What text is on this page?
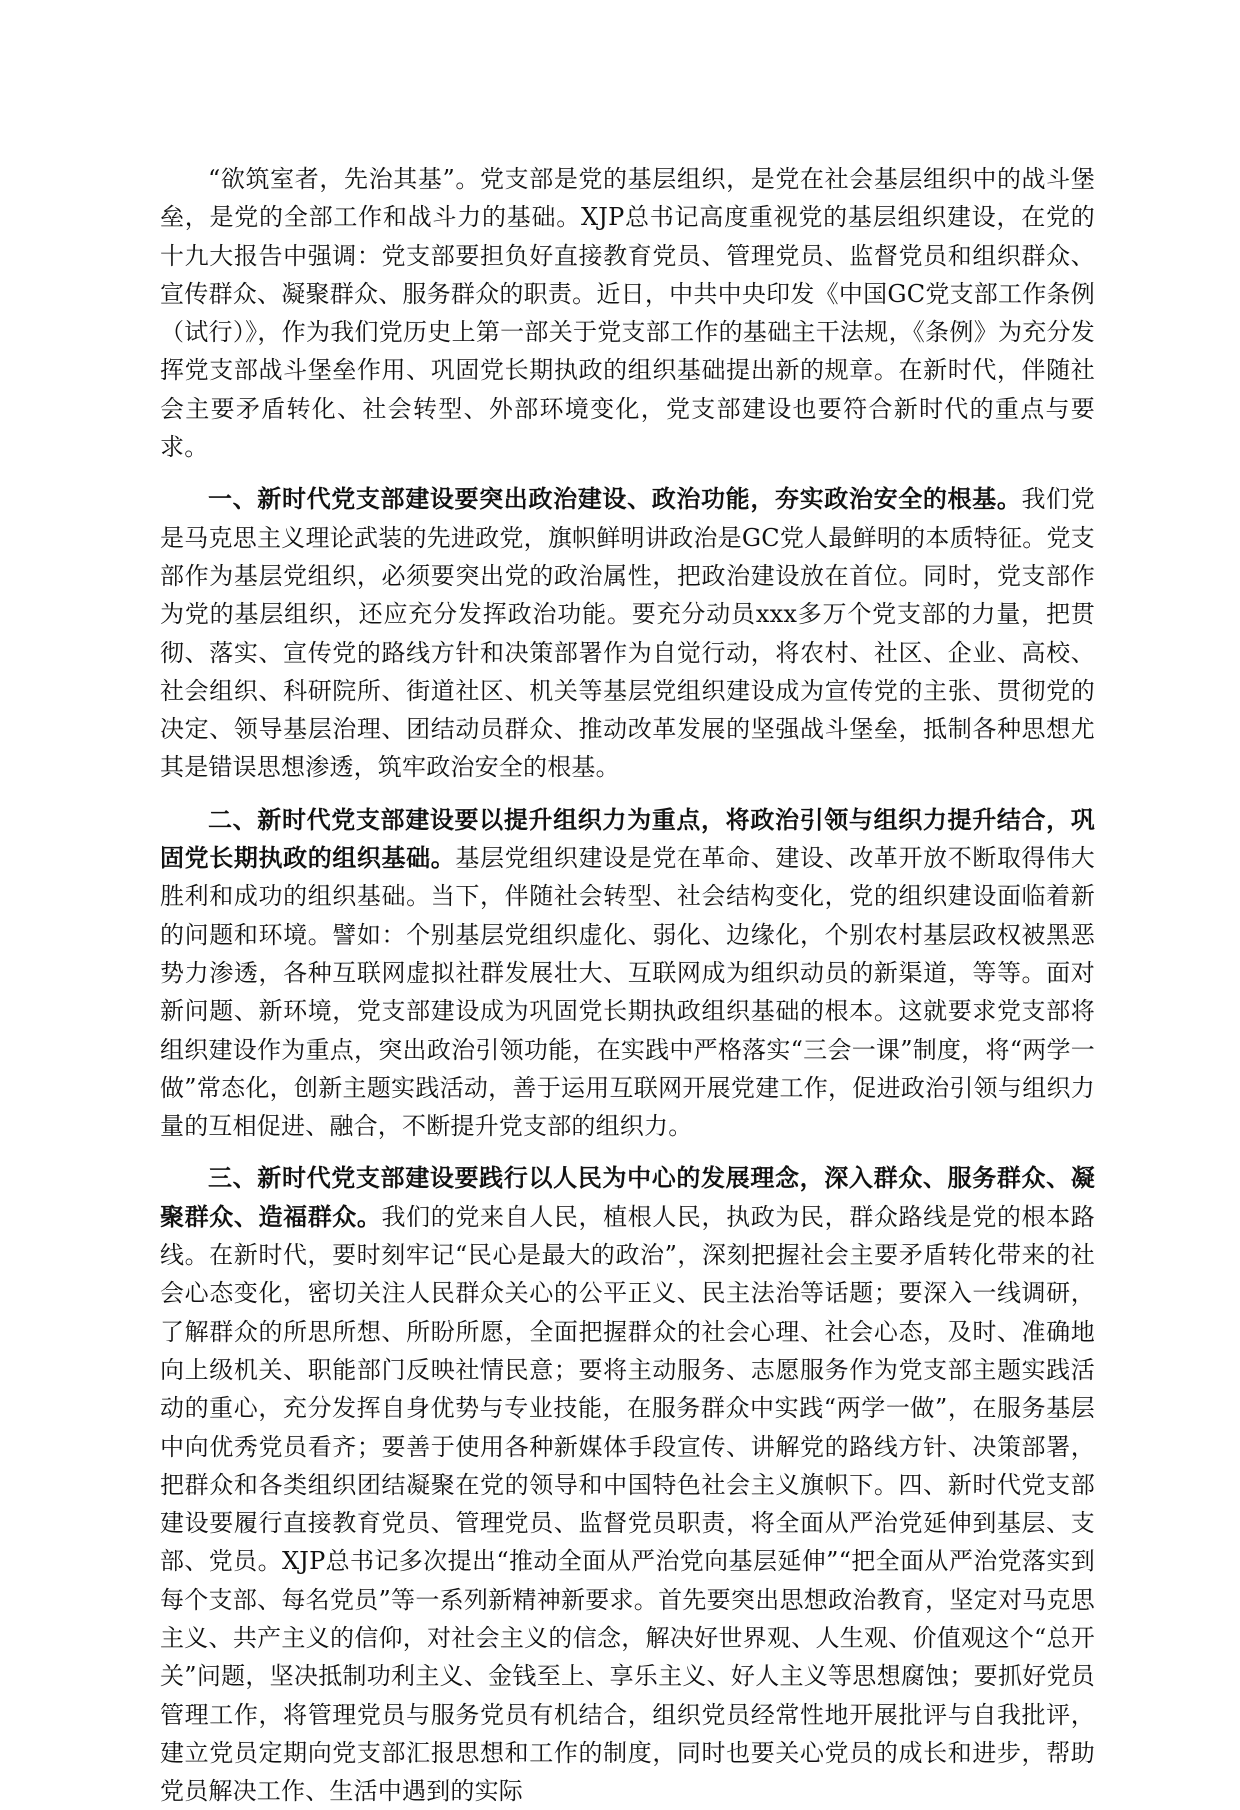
“欲筑室者，先治其基”。党支部是党的基层组织，是党在社会基层组织中的战斗堡垒，是党的全部工作和战斗力的基础。XJP总书记高度重视党的基层组织建设，在党的十九大报告中强调：党支部要担负好直接教育党员、管理党员、监督党员和组织群众、宣传群众、凝聚群众、服务群众的职责。近日，中共中央印发《中国GC党支部工作条例（试行）》，作为我们党历史上第一部关于党支部工作的基础主干法规，《条例》为充分发挥党支部战斗堡垒作用、巩固党长期执政的组织基础提出新的规章。在新时代，伴随社会主要矛盾转化、社会转型、外部环境变化，党支部建设也要符合新时代的重点与要求。

一、新时代党支部建设要突出政治建设、政治功能，夯实政治安全的根基。我们党是马克思主义理论武装的先进政党，旗帜鲜明讲政治是GC党人最鲜明的本质特征。党支部作为基层党组织，必须要突出党的政治属性，把政治建设放在首位。同时，党支部作为党的基层组织，还应充分发挥政治功能。要充分动员xxx多万个党支部的力量，把贯彻、落实、宣传党的路线方针和决策部署作为自觉行动，将农村、社区、企业、高校、社会组织、科研院所、街道社区、机关等基层党组织建设成为宣传党的主张、贯彻党的决定、领导基层治理、团结动员群众、推动改革发展的坚强战斗堡垒，抵制各种思想尤其是错误思想渗透，筑牢政治安全的根基。

二、新时代党支部建设要以提升组织力为重点，将政治引领与组织力提升结合，巩固党长期执政的组织基础。基层党组织建设是党在革命、建设、改革开放不断取得伟大胜利和成功的组织基础。当下，伴随社会转型、社会结构变化，党的组织建设面临着新的问题和环境。譬如：个别基层党组织虚化、弱化、边缘化，个别农村基层政权被黑恶势力渗透，各种互联网虚拟社群发展壮大、互联网成为组织动员的新渠道，等等。面对新问题、新环境，党支部建设成为巩固党长期执政组织基础的根本。这就要求党支部将组织建设作为重点，突出政治引领功能，在实践中严格落实“三会一课”制度，将“两学一做”常态化，创新主题实践活动，善于运用互联网开展党建工作，促进政治引领与组织力量的互相促进、融合，不断提升党支部的组织力。

三、新时代党支部建设要践行以人民为中心的发展理念，深入群众、服务群众、凝聚群众、造福群众。我们的党来自人民，植根人民，执政为民，群众路线是党的根本路线。在新时代，要时刻牢记“民心是最大的政治”，深刻把握社会主要矛盾转化带来的社会心态变化，密切关注人民群众关心的公平正义、民主法治等话题；要深入一线调研，了解群众的所思所想、所盼所愿，全面把握群众的社会心理、社会心态，及时、准确地向上级机关、职能部门反映社情民意；要将主动服务、志愿服务作为党支部主题实践活动的重心，充分发挥自身优势与专业技能，在服务群众中实践“两学一做”，在服务基层中向优秀党员看齐；要善于使用各种新媒体手段宣传、讲解党的路线方针、决策部署，把群众和各类组织团结凝聚在党的领导和中国特色社会主义旗帜下。四、新时代党支部建设要履行直接教育党员、管理党员、监督党员职责，将全面从严治党延伸到基层、支部、党员。XJP总书记多次提出“推动全面从严治党向基层延伸”“把全面从严治党落实到每个支部、每名党员”等一系列新精神新要求。首先要突出思想政治教育，坚定对马克思主义、共产主义的信仰，对社会主义的信念，解决好世界观、人生观、价值观这个“总开关”问题，坚决抵制功利主义、金钱至上、享乐主义、好人主义等思想腐蚀；要抓好党员管理工作，将管理党员与服务党员有机结合，组织党员经常性地开展批评与自我批评，建立党员定期向党支部汇报思想和工作的制度，同时也要关心党员的成长和进步，帮助党员解决工作、生活中遇到的实际
